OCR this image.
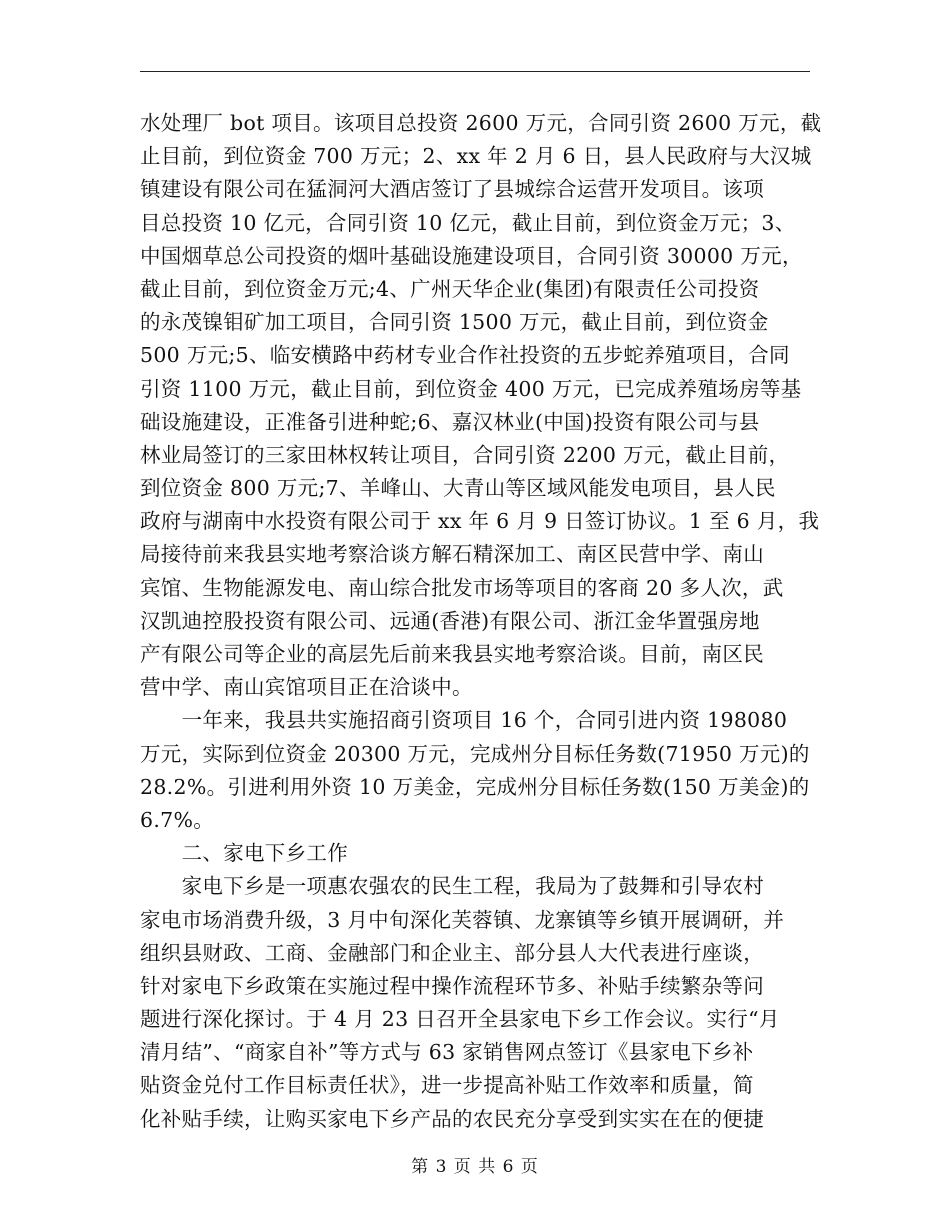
水处理厂 bot 项目。该项目总投资 2600 万元，合同引资 2600 万元，截
止目前，到位资金 700 万元；2、xx 年 2 月 6 日，县人民政府与大汉城
镇建设有限公司在猛洞河大酒店签订了县城综合运营开发项目。该项
目总投资 10 亿元，合同引资 10 亿元，截止目前，到位资金万元；3、
中国烟草总公司投资的烟叶基础设施建设项目，合同引资 30000 万元，
截止目前，到位资金万元;4、广州天华企业(集团)有限责任公司投资
的永茂镍钼矿加工项目，合同引资 1500 万元，截止目前，到位资金
500 万元;5、临安横路中药材专业合作社投资的五步蛇养殖项目，合同
引资 1100 万元，截止目前，到位资金 400 万元，已完成养殖场房等基
础设施建设，正准备引进种蛇;6、嘉汉林业(中国)投资有限公司与县
林业局签订的三家田林权转让项目，合同引资 2200 万元，截止目前，
到位资金 800 万元;7、羊峰山、大青山等区域风能发电项目，县人民
政府与湖南中水投资有限公司于 xx 年 6 月 9 日签订协议。1 至 6 月，我
局接待前来我县实地考察洽谈方解石精深加工、南区民营中学、南山
宾馆、生物能源发电、南山综合批发市场等项目的客商 20 多人次，武
汉凯迪控股投资有限公司、远通(香港)有限公司、浙江金华置强房地
产有限公司等企业的高层先后前来我县实地考察洽谈。目前，南区民
营中学、南山宾馆项目正在洽谈中。
　　一年来，我县共实施招商引资项目 16 个，合同引进内资 198080
万元，实际到位资金 20300 万元，完成州分目标任务数(71950 万元)的
28.2%。引进利用外资 10 万美金，完成州分目标任务数(150 万美金)的
6.7%。
　　二、家电下乡工作
　　家电下乡是一项惠农强农的民生工程，我局为了鼓舞和引导农村
家电市场消费升级，3 月中旬深化芙蓉镇、龙寨镇等乡镇开展调研，并
组织县财政、工商、金融部门和企业主、部分县人大代表进行座谈，
针对家电下乡政策在实施过程中操作流程环节多、补贴手续繁杂等问
题进行深化探讨。于 4 月 23 日召开全县家电下乡工作会议。实行“月
清月结”、“商家自补”等方式与 63 家销售网点签订《县家电下乡补
贴资金兑付工作目标责任状》，进一步提高补贴工作效率和质量，简
化补贴手续，让购买家电下乡产品的农民充分享受到实实在在的便捷
第 3 页 共 6 页
